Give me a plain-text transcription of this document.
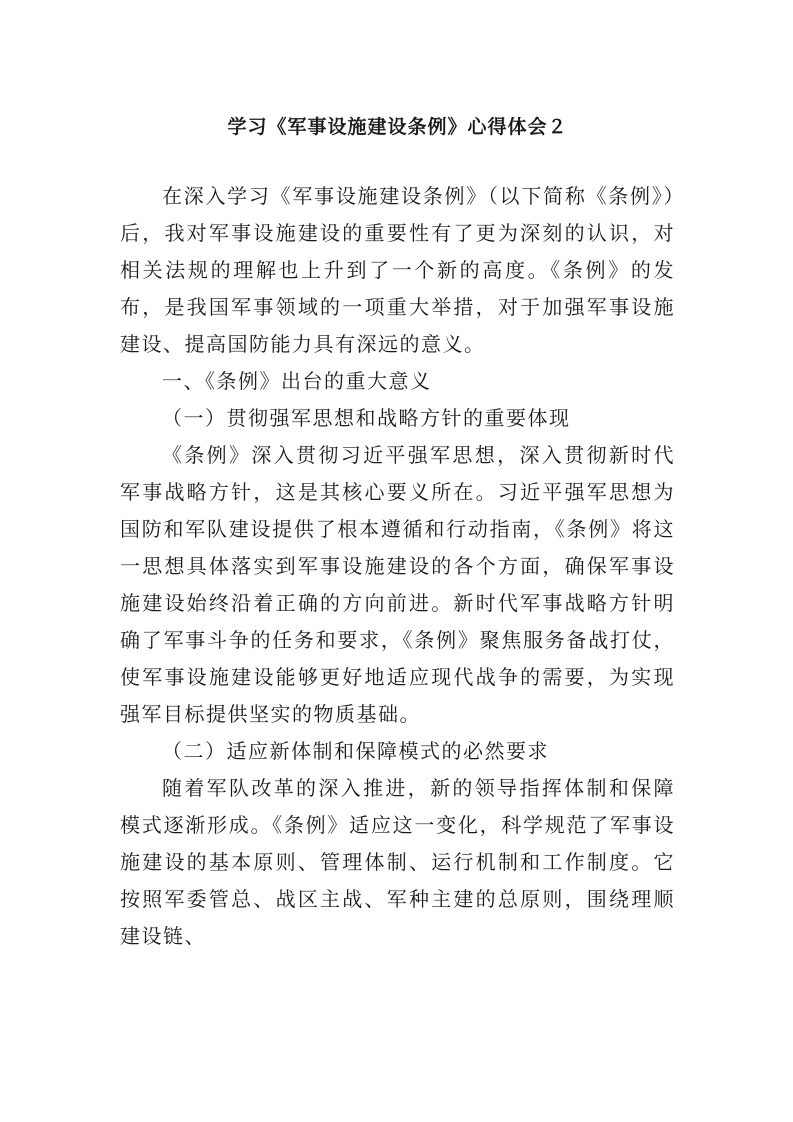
学习《军事设施建设条例》心得体会２

在深入学习《军事设施建设条例》（以下简称《条例》）后，我对军事设施建设的重要性有了更为深刻的认识，对相关法规的理解也上升到了一个新的高度。《条例》的发布，是我国军事领域的一项重大举措，对于加强军事设施建设、提高国防能力具有深远的意义。

一、《条例》出台的重大意义

（一）贯彻强军思想和战略方针的重要体现

《条例》深入贯彻习近平强军思想，深入贯彻新时代军事战略方针，这是其核心要义所在。习近平强军思想为国防和军队建设提供了根本遵循和行动指南，《条例》将这一思想具体落实到军事设施建设的各个方面，确保军事设施建设始终沿着正确的方向前进。新时代军事战略方针明确了军事斗争的任务和要求，《条例》聚焦服务备战打仗，使军事设施建设能够更好地适应现代战争的需要，为实现强军目标提供坚实的物质基础。

（二）适应新体制和保障模式的必然要求

随着军队改革的深入推进，新的领导指挥体制和保障模式逐渐形成。《条例》适应这一变化，科学规范了军事设施建设的基本原则、管理体制、运行机制和工作制度。它按照军委管总、战区主战、军种主建的总原则，围绕理顺建设链、
